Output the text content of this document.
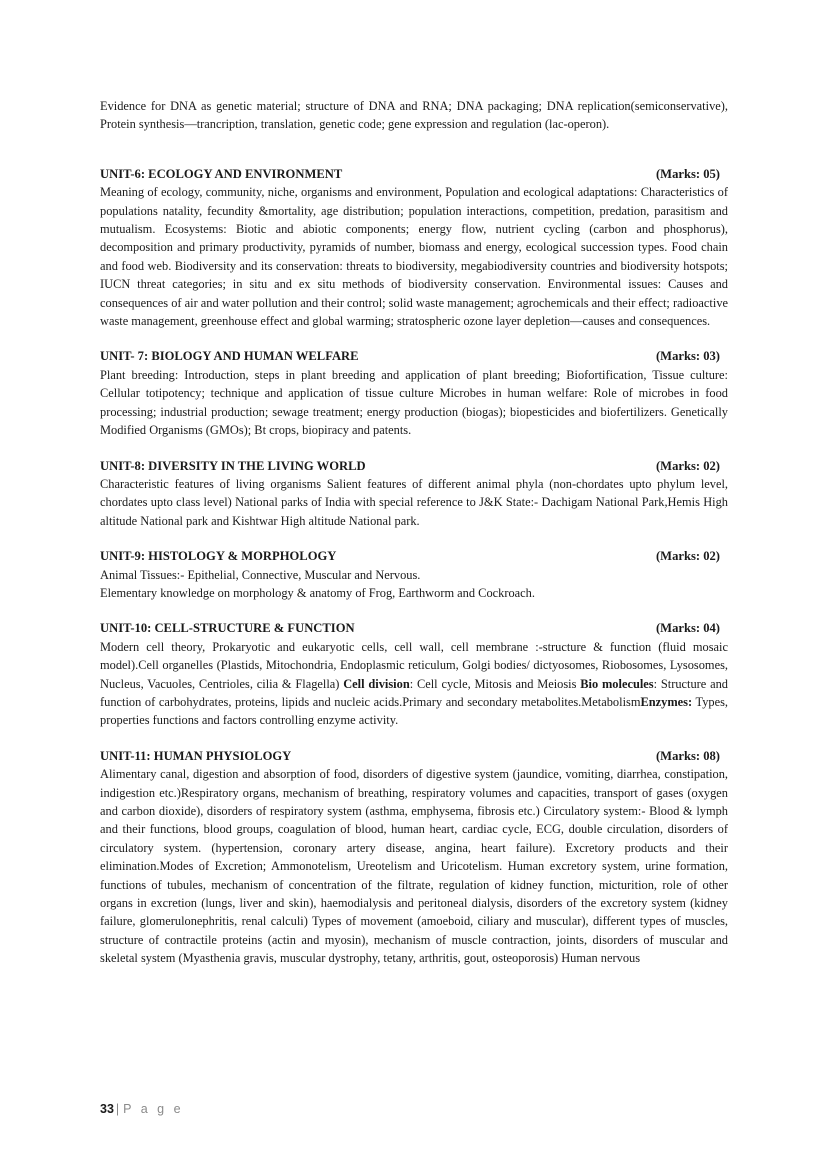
Evidence for DNA as genetic material; structure of DNA and RNA; DNA packaging; DNA replication(semiconservative), Protein synthesis—trancription, translation, genetic code; gene expression and regulation (lac-operon).

UNIT-6: ECOLOGY AND ENVIRONMENT	(Marks: 05)

Meaning of ecology, community, niche, organisms and environment, Population and ecological adaptations: Characteristics of populations natality, fecundity &mortality, age distribution; population interactions, competition, predation, parasitism and mutualism. Ecosystems: Biotic and abiotic components; energy flow, nutrient cycling (carbon and phosphorus), decomposition and primary productivity, pyramids of number, biomass and energy, ecological succession types. Food chain and food web. Biodiversity and its conservation: threats to biodiversity, megabiodiversity countries and biodiversity hotspots; IUCN threat categories; in situ and ex situ methods of biodiversity conservation. Environmental issues: Causes and consequences of air and water pollution and their control; solid waste management; agrochemicals and their effect; radioactive waste management, greenhouse effect and global warming; stratospheric ozone layer depletion—causes and consequences.

UNIT- 7: BIOLOGY AND HUMAN WELFARE	(Marks: 03)

Plant breeding: Introduction, steps in plant breeding and application of plant breeding; Biofortification, Tissue culture: Cellular totipotency; technique and application of tissue culture Microbes in human welfare: Role of microbes in food processing; industrial production; sewage treatment; energy production (biogas); biopesticides and biofertilizers. Genetically Modified Organisms (GMOs); Bt crops, biopiracy and patents.

UNIT-8: DIVERSITY IN THE LIVING WORLD	(Marks: 02)

Characteristic features of living organisms Salient features of different animal phyla (non-chordates upto phylum level, chordates upto class level) National parks of India with special reference to J&K State:- Dachigam National Park,Hemis High altitude National park and Kishtwar High altitude National park.

UNIT-9: HISTOLOGY & MORPHOLOGY	(Marks: 02)

Animal Tissues:- Epithelial, Connective, Muscular and Nervous.

Elementary knowledge on morphology & anatomy of Frog, Earthworm and Cockroach.

UNIT-10: CELL-STRUCTURE & FUNCTION	(Marks: 04)

Modern cell theory, Prokaryotic and eukaryotic cells, cell wall, cell membrane :-structure & function (fluid mosaic model).Cell organelles (Plastids, Mitochondria, Endoplasmic reticulum, Golgi bodies/ dictyosomes, Riobosomes, Lysosomes, Nucleus, Vacuoles, Centrioles, cilia & Flagella) Cell division: Cell cycle, Mitosis and Meiosis Bio molecules: Structure and function of carbohydrates, proteins, lipids and nucleic acids.Primary and secondary metabolites.MetabolismEnzymes: Types, properties functions and factors controlling enzyme activity.

UNIT-11: HUMAN PHYSIOLOGY	(Marks: 08)

Alimentary canal, digestion and absorption of food, disorders of digestive system (jaundice, vomiting, diarrhea, constipation, indigestion etc.)Respiratory organs, mechanism of breathing, respiratory volumes and capacities, transport of gases (oxygen and carbon dioxide), disorders of respiratory system (asthma, emphysema, fibrosis etc.) Circulatory system:- Blood & lymph and their functions, blood groups, coagulation of blood, human heart, cardiac cycle, ECG, double circulation, disorders of circulatory system. (hypertension, coronary artery disease, angina, heart failure). Excretory products and their elimination.Modes of Excretion; Ammonotelism, Ureotelism and Uricotelism. Human excretory system, urine formation, functions of tubules, mechanism of concentration of the filtrate, regulation of kidney function, micturition, role of other organs in excretion (lungs, liver and skin), haemodialysis and peritoneal dialysis, disorders of the excretory system (kidney failure, glomerulonephritis, renal calculi) Types of movement (amoeboid, ciliary and muscular), different types of muscles, structure of contractile proteins (actin and myosin), mechanism of muscle contraction, joints, disorders of muscular and skeletal system (Myasthenia gravis, muscular dystrophy, tetany, arthritis, gout, osteoporosis) Human nervous

33 | P a g e
